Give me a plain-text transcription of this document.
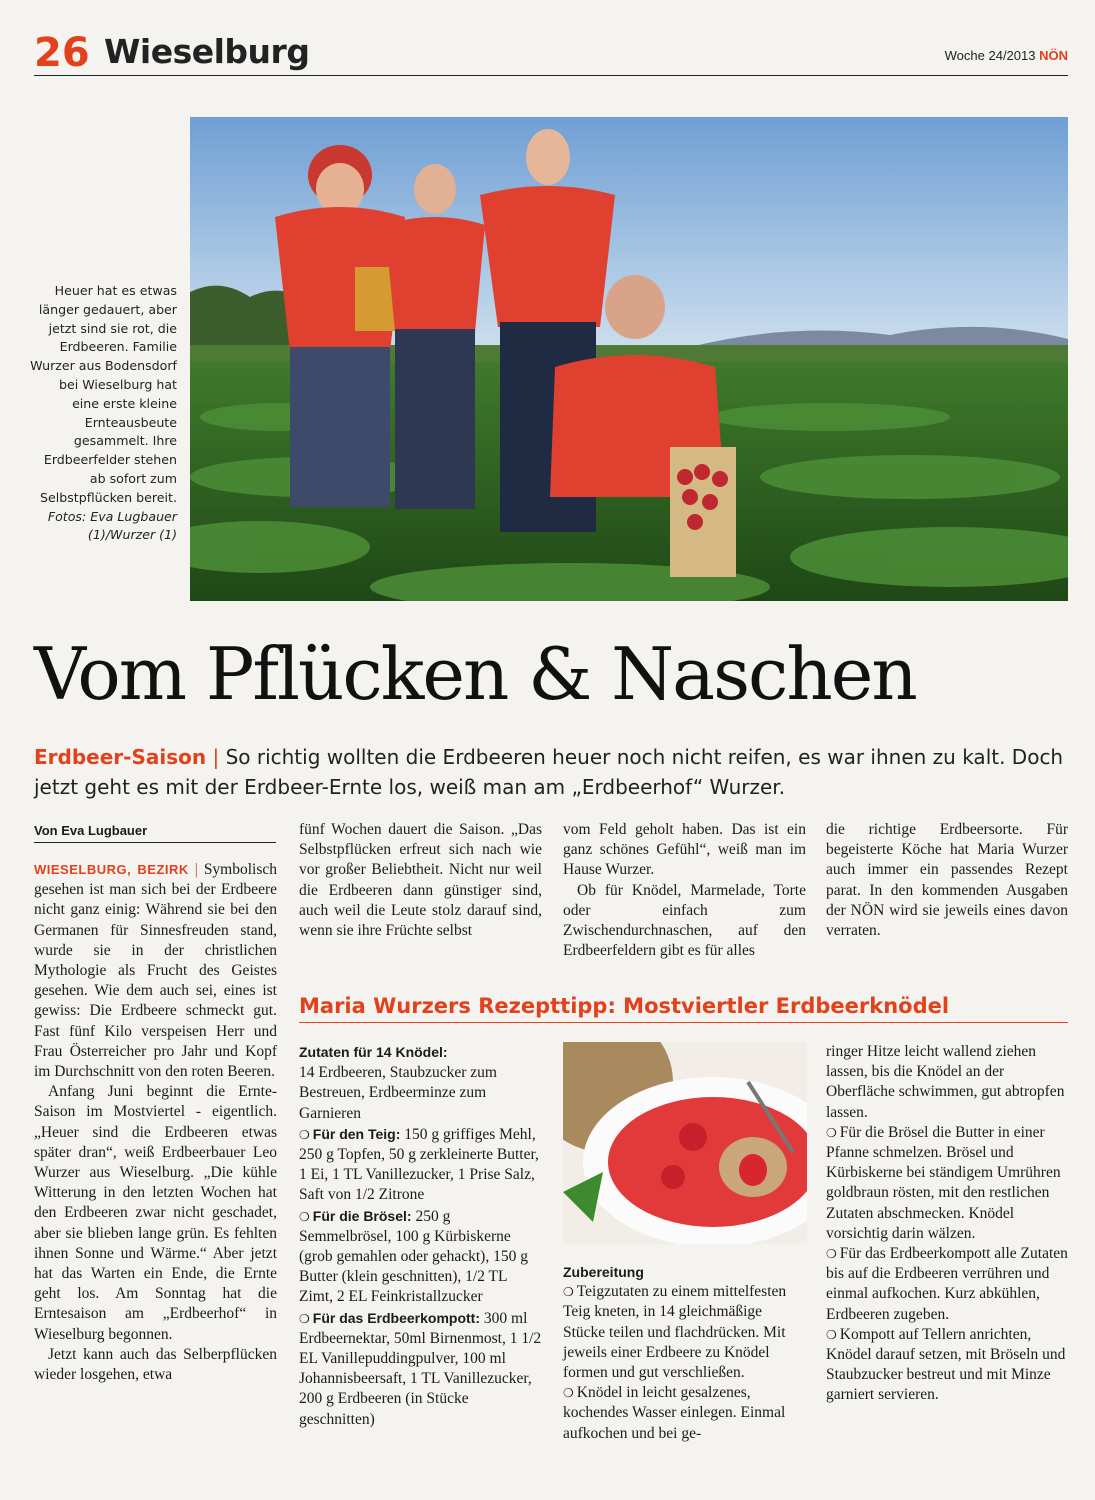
26 Wieselburg	Woche 24/2013 NÖN
Heuer hat es etwas länger gedauert, aber jetzt sind sie rot, die Erdbeeren. Familie Wurzer aus Bodensdorf bei Wieselburg hat eine erste kleine Ernteausbeute gesammelt. Ihre Erdbeerfelder stehen ab sofort zum Selbstpflücken bereit.
Fotos: Eva Lugbauer (1)/Wurzer (1)
Vom Pflücken & Naschen
Erdbeer-Saison | So richtig wollten die Erdbeeren heuer noch nicht reifen, es war ihnen zu kalt. Doch jetzt geht es mit der Erdbeer-Ernte los, weiß man am „Erdbeerhof“ Wurzer.
Von Eva Lugbauer

WIESELBURG, BEZIRK | Symbolisch gesehen ist man sich bei der Erdbeere nicht ganz einig: Während sie bei den Germanen für Sinnesfreuden stand, wurde sie in der christlichen Mythologie als Frucht des Geistes gesehen. Wie dem auch sei, eines ist gewiss: Die Erdbeere schmeckt gut. Fast fünf Kilo verspeisen Herr und Frau Österreicher pro Jahr und Kopf im Durchschnitt von den roten Beeren.

Anfang Juni beginnt die Ernte-Saison im Mostviertel - eigentlich. „Heuer sind die Erdbeeren etwas später dran“, weiß Erdbeerbauer Leo Wurzer aus Wieselburg. „Die kühle Witterung in den letzten Wochen hat den Erdbeeren zwar nicht geschadet, aber sie blieben lange grün. Es fehlten ihnen Sonne und Wärme.“ Aber jetzt hat das Warten ein Ende, die Ernte geht los. Am Sonntag hat die Erntesaison am „Erdbeerhof“ in Wieselburg begonnen.

Jetzt kann auch das Selberpflücken wieder losgehen, etwa

fünf Wochen dauert die Saison. „Das Selbstpflücken erfreut sich nach wie vor großer Beliebtheit. Nicht nur weil die Erdbeeren dann günstiger sind, auch weil die Leute stolz darauf sind, wenn sie ihre Früchte selbst

vom Feld geholt haben. Das ist ein ganz schönes Gefühl“, weiß man im Hause Wurzer.

Ob für Knödel, Marmelade, Torte oder einfach zum Zwischendurchnaschen, auf den Erdbeerfeldern gibt es für alles

die richtige Erdbeersorte. Für begeisterte Köche hat Maria Wurzer auch immer ein passendes Rezept parat. In den kommenden Ausgaben der NÖN wird sie jeweils eines davon verraten.

Maria Wurzers Rezepttipp: Mostviertler Erdbeerknödel

Zutaten für 14 Knödel:

14 Erdbeeren, Staubzucker zum Bestreuen, Erdbeerminze zum Garnieren

❍ Für den Teig: 150 g griffiges Mehl, 250 g Topfen, 50 g zerkleinerte Butter, 1 Ei, 1 TL Vanillezucker, 1 Prise Salz, Saft von 1/2 Zitrone

❍ Für die Brösel: 250 g Semmelbrösel, 100 g Kürbiskerne (grob gemahlen oder gehackt), 150 g Butter (klein geschnitten), 1/2 TL Zimt, 2 EL Feinkristallzucker

❍ Für das Erdbeerkompott: 300 ml Erdbeernektar, 50ml Birnenmost, 1 1/2 EL Vanillepuddingpulver, 100 ml Johannisbeersaft, 1 TL Vanillezucker, 200 g Erdbeeren (in Stücke geschnitten)

Zubereitung

❍ Teigzutaten zu einem mittelfesten Teig kneten, in 14 gleichmäßige Stücke teilen und flachdrücken. Mit jeweils einer Erdbeere zu Knödel formen und gut verschließen.

❍ Knödel in leicht gesalzenes, kochendes Wasser einlegen. Einmal aufkochen und bei ge-

ringer Hitze leicht wallend ziehen lassen, bis die Knödel an der Oberfläche schwimmen, gut abtropfen lassen.

❍ Für die Brösel die Butter in einer Pfanne schmelzen. Brösel und Kürbiskerne bei ständigem Umrühren goldbraun rösten, mit den restlichen Zutaten abschmecken. Knödel vorsichtig darin wälzen.

❍ Für das Erdbeerkompott alle Zutaten bis auf die Erdbeeren verrühren und einmal aufkochen. Kurz abkühlen, Erdbeeren zugeben.

❍ Kompott auf Tellern anrichten, Knödel darauf setzen, mit Bröseln und Staubzucker bestreut und mit Minze garniert servieren.
